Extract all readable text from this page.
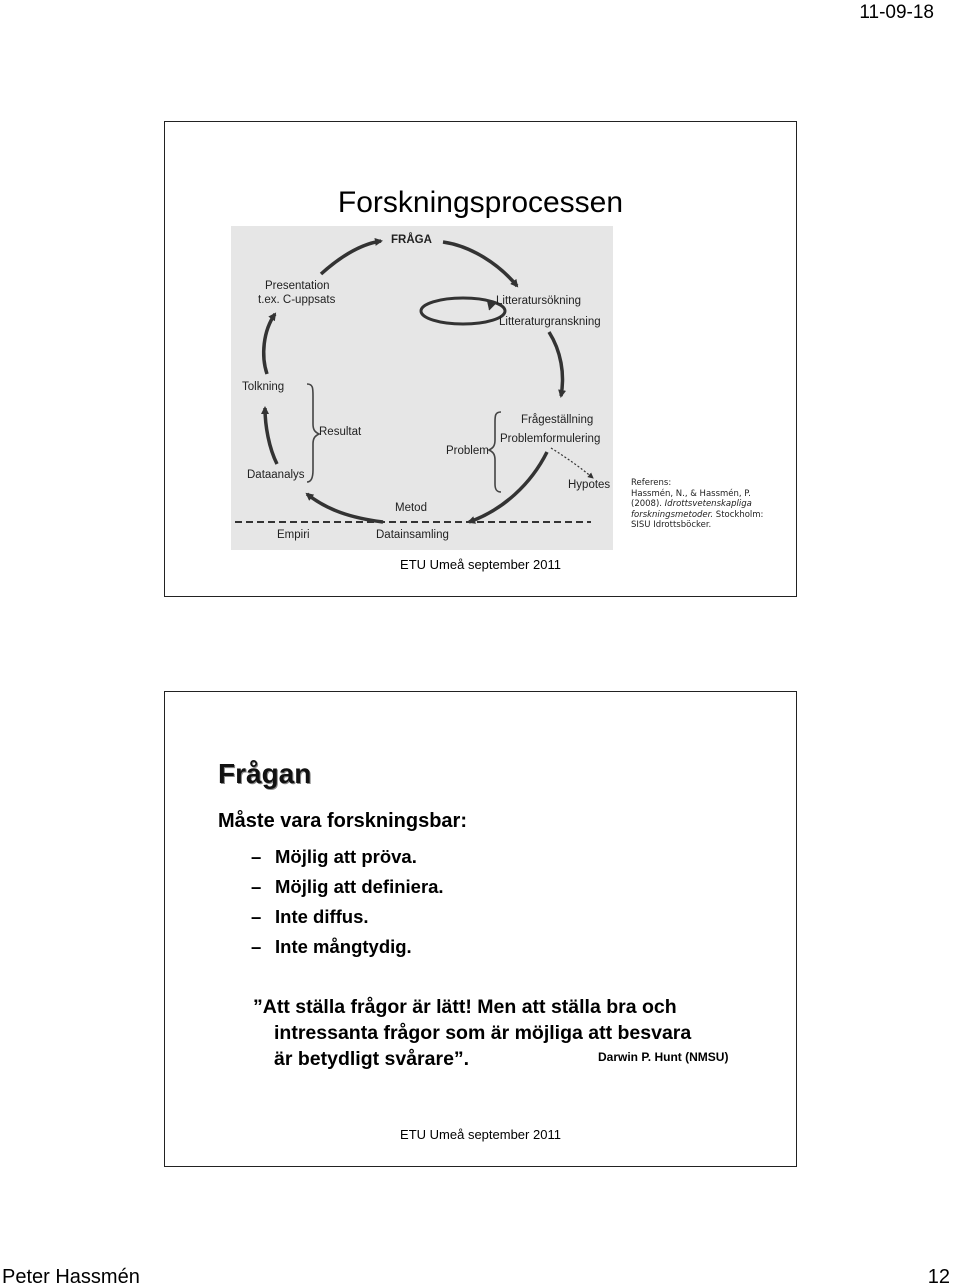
11-09-18
Forskningsprocessen
FRÅGA
Presentation
t.ex. C-uppsats	Litteratursökning
Litteraturgranskning
Tolkning
Resultat
Frågeställning
Problemformulering
Problem
Dataanalys
Hypotes
Metod
Empiri	Datainsamling
Referens:
Hassmén, N., & Hassmén, P.
(2008). Idrottsvetenskapliga
forskningsmetoder. Stockholm:
SISU Idrottsböcker.
ETU Umeå september 2011
Frågan
Måste vara forskningsbar:
– Möjlig att pröva.
– Möjlig att definiera.
– Inte diffus.
– Inte mångtydig.
”Att ställa frågor är lätt! Men att ställa bra och
intressanta frågor som är möjliga att besvara
är betydligt svårare”.	Darwin P. Hunt (NMSU)
ETU Umeå september 2011
Peter Hassmén	12
